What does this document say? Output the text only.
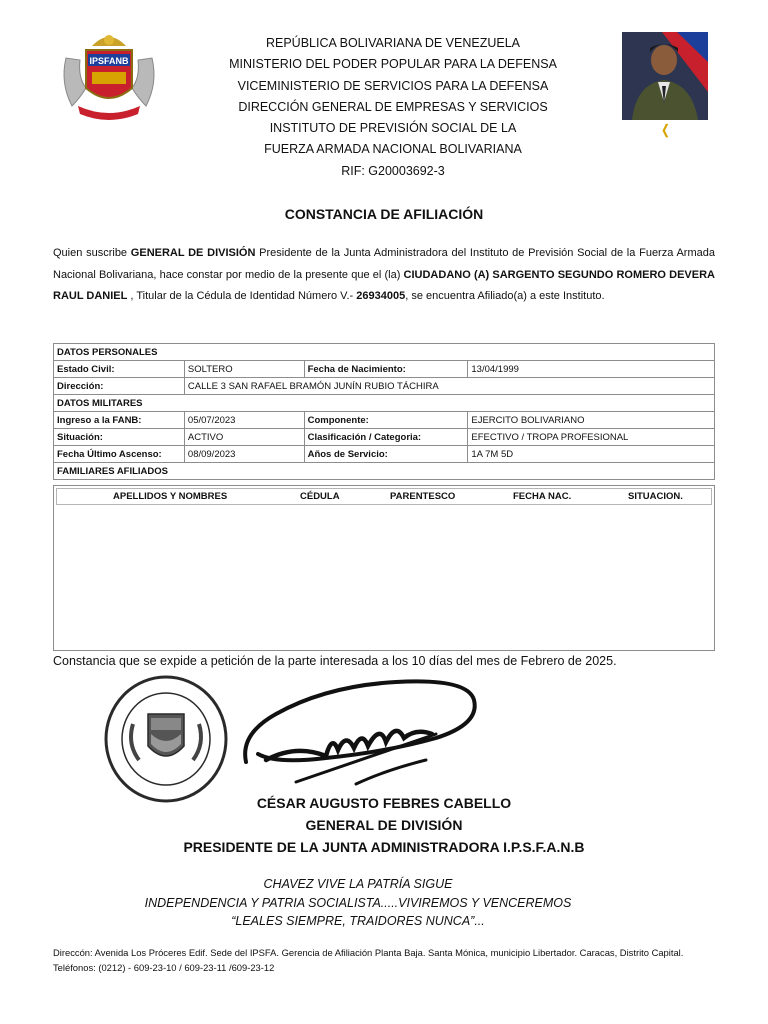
IPSFANB
REPÚBLICA BOLIVARIANA DE VENEZUELA
MINISTERIO DEL PODER POPULAR PARA LA DEFENSA
VICEMINISTERIO DE SERVICIOS PARA LA DEFENSA
DIRECCIÓN GENERAL DE EMPRESAS Y SERVICIOS
INSTITUTO DE PREVISIÓN SOCIAL DE LA
FUERZA ARMADA NACIONAL BOLIVARIANA
RIF: G20003692-3
❬
CONSTANCIA DE AFILIACIÓN
Quien suscribe GENERAL DE DIVISIÓN Presidente de la Junta Administradora del Instituto de Previsión Social de la Fuerza Armada Nacional Bolivariana, hace constar por medio de la presente que el (la) CIUDADANO (A) SARGENTO SEGUNDO ROMERO DEVERA RAUL DANIEL , Titular de la Cédula de Identidad Número V.- 26934005, se encuentra Afiliado(a) a este Instituto.
DATOS PERSONALES			
Estado Civil:	SOLTERO	Fecha de Nacimiento:	13/04/1999
Dirección:	CALLE 3 SAN RAFAEL BRAMÓN JUNÍN RUBIO TÁCHIRA		
DATOS MILITARES			
Ingreso a la FANB:	05/07/2023	Componente:	EJERCITO BOLIVARIANO
Situación:	ACTIVO	Clasificación / Categoria:	EFECTIVO / TROPA PROFESIONAL
Fecha Último Ascenso:	08/09/2023	Años de Servicio:	1A 7M 5D
FAMILIARES AFILIADOS			
APELLIDOS Y NOMBRES	CÉDULA	PARENTESCO	FECHA NAC.	SITUACION.
Constancia que se expide a petición de la parte interesada a los 10 días del mes de Febrero de 2025.
CÉSAR AUGUSTO FEBRES CABELLO
GENERAL DE DIVISIÓN
PRESIDENTE DE LA JUNTA ADMINISTRADORA I.P.S.F.A.N.B
CHAVEZ VIVE LA PATRÍA SIGUE
INDEPENDENCIA Y PATRIA SOCIALISTA.....VIVIREMOS Y VENCEREMOS
“LEALES SIEMPRE, TRAIDORES NUNCA”...
Direccón: Avenida Los Próceres Edif. Sede del IPSFA. Gerencia de Afiliación Planta Baja. Santa Mónica, municipio Libertador. Caracas, Distrito Capital. Teléfonos: (0212) - 609-23-10 / 609-23-11 /609-23-12
